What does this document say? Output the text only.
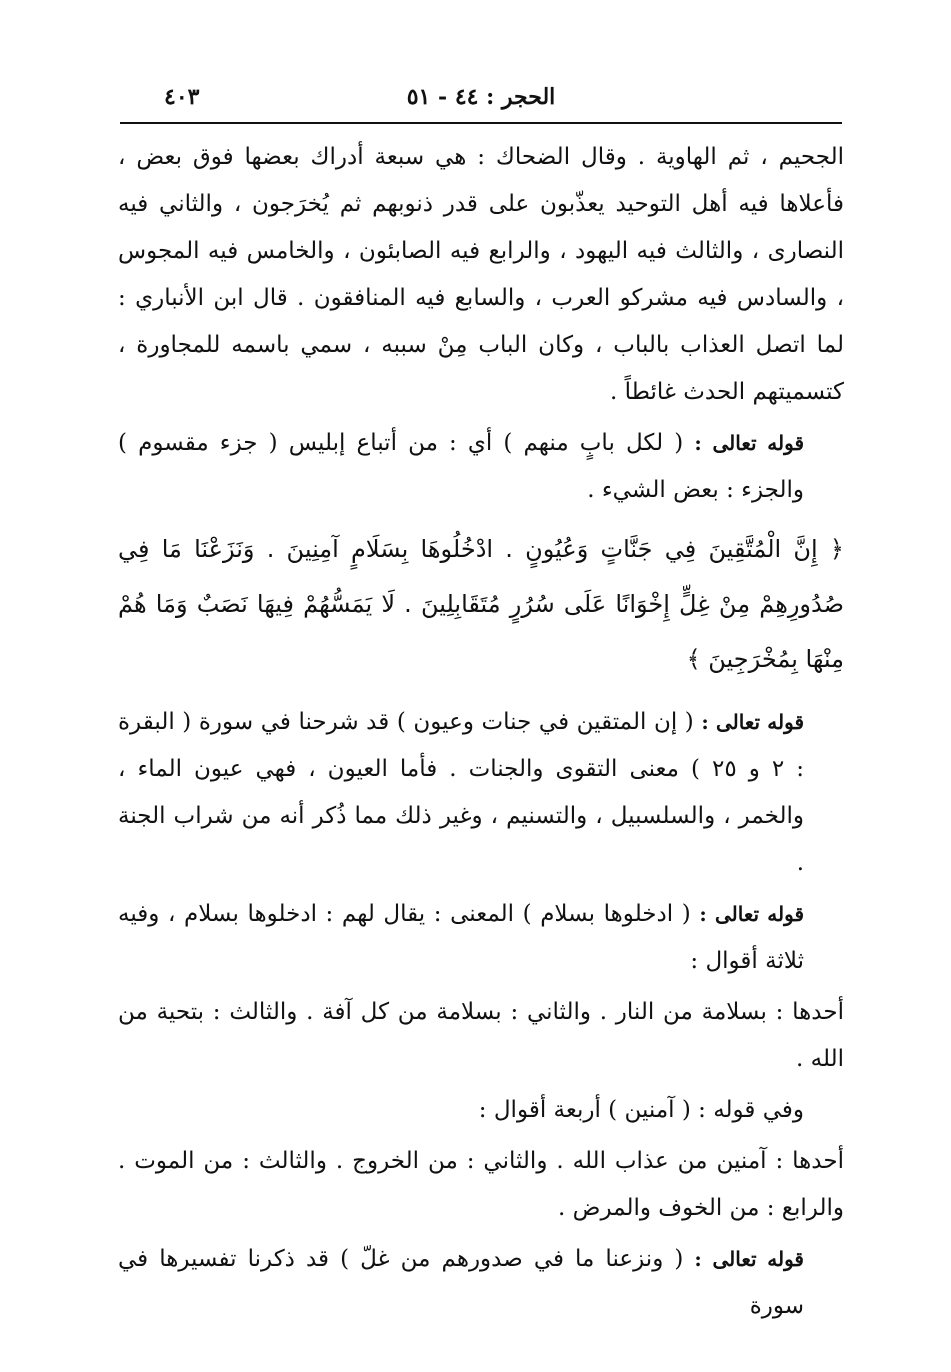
الحجر : ٤٤ - ٥١
٤٠٣

الجحيم ، ثم الهاوية . وقال الضحاك : هي سبعة أدراك بعضها فوق بعض ، فأعلاها فيه أهل التوحيد يعذّبون على قدر ذنوبهم ثم يُخرَجون ، والثاني فيه النصارى ، والثالث فيه اليهود ، والرابع فيه الصابئون ، والخامس فيه المجوس ، والسادس فيه مشركو العرب ، والسابع فيه المنافقون . قال ابن الأنباري : لما اتصل العذاب بالباب ، وكان الباب مِنْ سببه ، سمي باسمه للمجاورة ، كتسميتهم الحدث غائطاً .

قوله تعالى : ( لكل بابٍ منهم ) أي : من أتباع إبليس ( جزء مقسوم ) والجزء : بعض الشيء .

﴿ إِنَّ الْمُتَّقِينَ فِي جَنَّاتٍ وَعُيُونٍ . ادْخُلُوهَا بِسَلَامٍ آمِنِينَ . وَنَزَعْنَا مَا فِي صُدُورِهِمْ مِنْ غِلٍّ إِخْوَانًا عَلَى سُرُرٍ مُتَقَابِلِينَ . لَا يَمَسُّهُمْ فِيهَا نَصَبٌ وَمَا هُمْ مِنْهَا بِمُخْرَجِينَ ﴾

قوله تعالى : ( إن المتقين في جنات وعيون ) قد شرحنا في سورة ( البقرة : ٢ و ٢٥ ) معنى التقوى والجنات . فأما العيون ، فهي عيون الماء ، والخمر ، والسلسبيل ، والتسنيم ، وغير ذلك مما ذُكر أنه من شراب الجنة .

قوله تعالى : ( ادخلوها بسلام ) المعنى : يقال لهم : ادخلوها بسلام ، وفيه ثلاثة أقوال :

أحدها : بسلامة من النار . والثاني : بسلامة من كل آفة . والثالث : بتحية من الله .

وفي قوله : ( آمنين ) أربعة أقوال :

أحدها : آمنين من عذاب الله . والثاني : من الخروج . والثالث : من الموت . والرابع : من الخوف والمرض .

قوله تعالى : ( ونزعنا ما في صدورهم من غلّ ) قد ذكرنا تفسيرها في سورة
